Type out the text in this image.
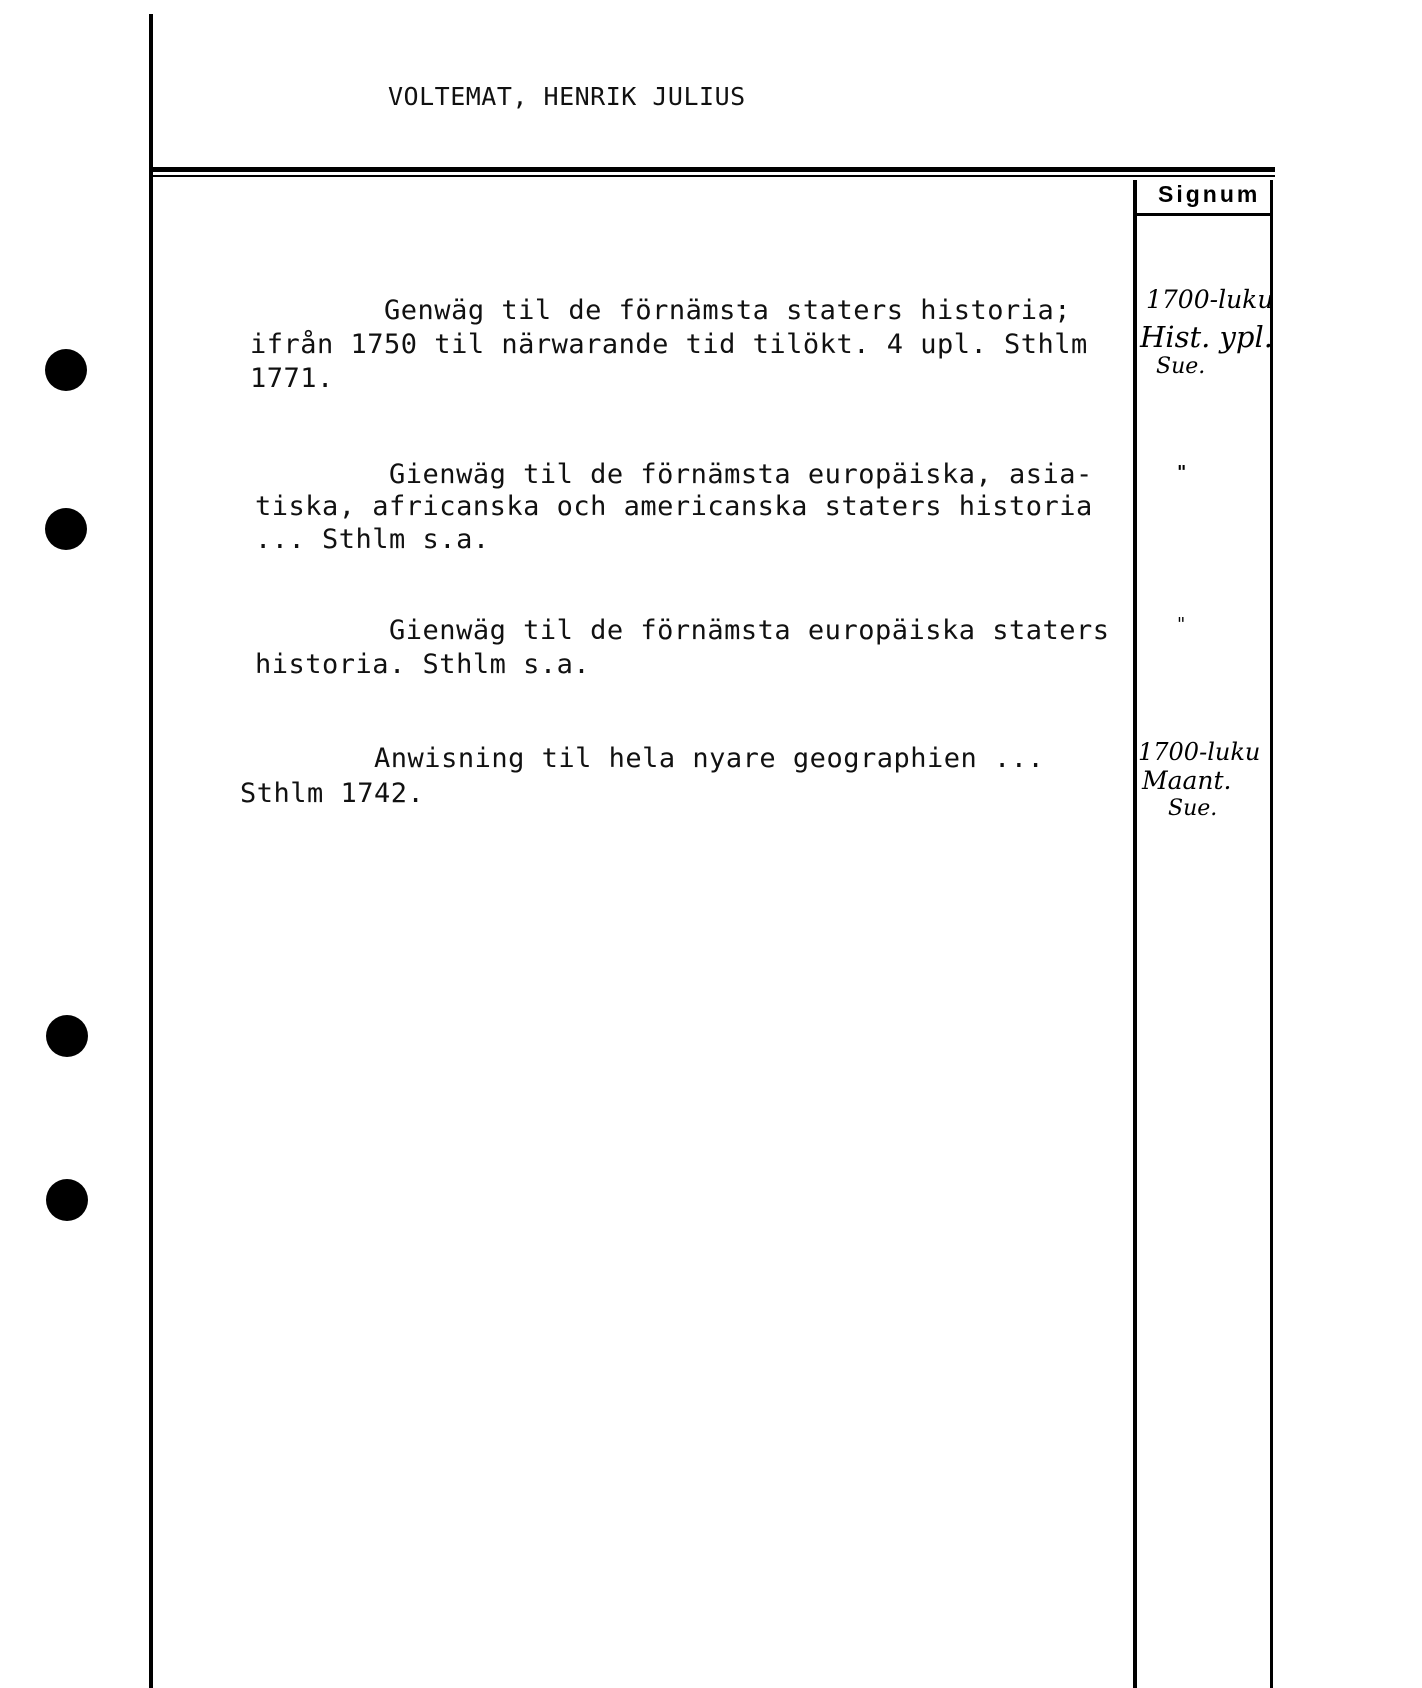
VOLTEMAT, HENRIK JULIUS
Signum
Genwäg til de förnämsta staters historia;
ifrån 1750 til närwarande tid tilökt. 4 upl. Sthlm
1771.
1700-luku
Hist. ypl.
Sue.
Gienwäg til de förnämsta europäiska, asia-
tiska, africanska och americanska staters historia
... Sthlm s.a.
"
Gienwäg til de förnämsta europäiska staters
historia. Sthlm s.a.
"
Anwisning til hela nyare geographien ...
Sthlm 1742.
1700-luku
Maant.
Sue.
